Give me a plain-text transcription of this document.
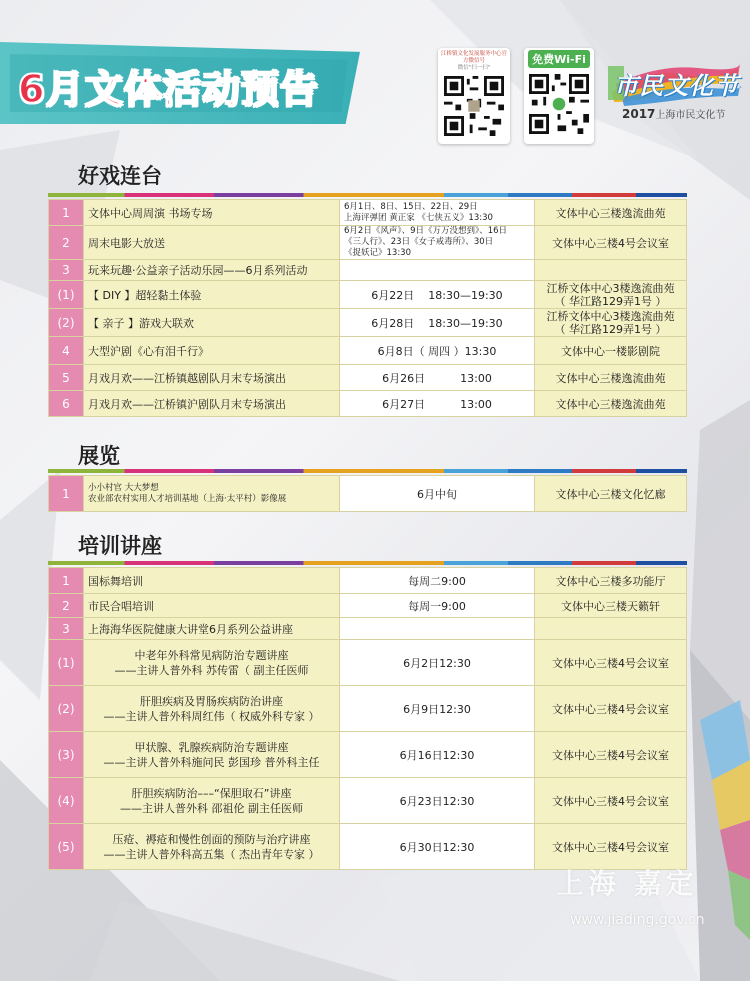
6月文体活动预告
江桥镇文化发展服务中心官方微信号
微信"扫一扫"
免费Wi-Fi
市民文化节
2017上海市民文化节
好戏连台
1	文体中心周周演 书场专场	6月1日、8日、15日、22日、29日
上海评弹团 黄正家 《七侠五义》13:30	文体中心三楼逸流曲苑
2	周末电影大放送	6月2日《风声》、9日《万万没想到》、16日
《三人行》、23日《女子戒毒所》、30日
《捉妖记》13:30	文体中心三楼4号会议室
3	玩来玩趣·公益亲子活动乐园——6月系列活动		
(1)	【 DIY 】超轻黏土体验	6月22日    18:30—19:30	江桥文体中心3楼逸流曲苑
（ 华江路129弄1号 ）
(2)	【 亲子 】游戏大联欢	6月28日    18:30—19:30	江桥文体中心3楼逸流曲苑
（ 华江路129弄1号 ）
4	大型沪剧《心有泪千行》	6月8日（ 周四 ）13:30	文体中心一楼影剧院
5	月戏月欢——江桥镇越剧队月末专场演出	6月26日          13:00	文体中心三楼逸流曲苑
6	月戏月欢——江桥镇沪剧队月末专场演出	6月27日          13:00	文体中心三楼逸流曲苑
展览
1	小小村官 大大梦想
农业部农村实用人才培训基地（上海·太平村）影像展	6月中旬	文体中心三楼文化忆廊
培训讲座
1	国标舞培训	每周二9:00	文体中心三楼多功能厅
2	市民合唱培训	每周一9:00	文体中心三楼天籁轩
3	上海海华医院健康大讲堂6月系列公益讲座		
(1)	中老年外科常见病防治专题讲座
——主讲人普外科 苏传雷（ 副主任医师	6月2日12:30	文体中心三楼4号会议室
(2)	肝胆疾病及胃肠疾病防治讲座
——主讲人普外科周红伟（ 权威外科专家 ）	6月9日12:30	文体中心三楼4号会议室
(3)	甲状腺、乳腺疾病防治专题讲座
——主讲人普外科施问民 彭国珍 普外科主任	6月16日12:30	文体中心三楼4号会议室
(4)	肝胆疾病防治–––“保胆取石”讲座
——主讲人普外科 邵祖伦 副主任医师	6月23日12:30	文体中心三楼4号会议室
(5)	压疮、褥疮和慢性创面的预防与治疗讲座
——主讲人普外科高五集（ 杰出青年专家 ）	6月30日12:30	文体中心三楼4号会议室
上海 嘉定
www.jiading.gov.cn
